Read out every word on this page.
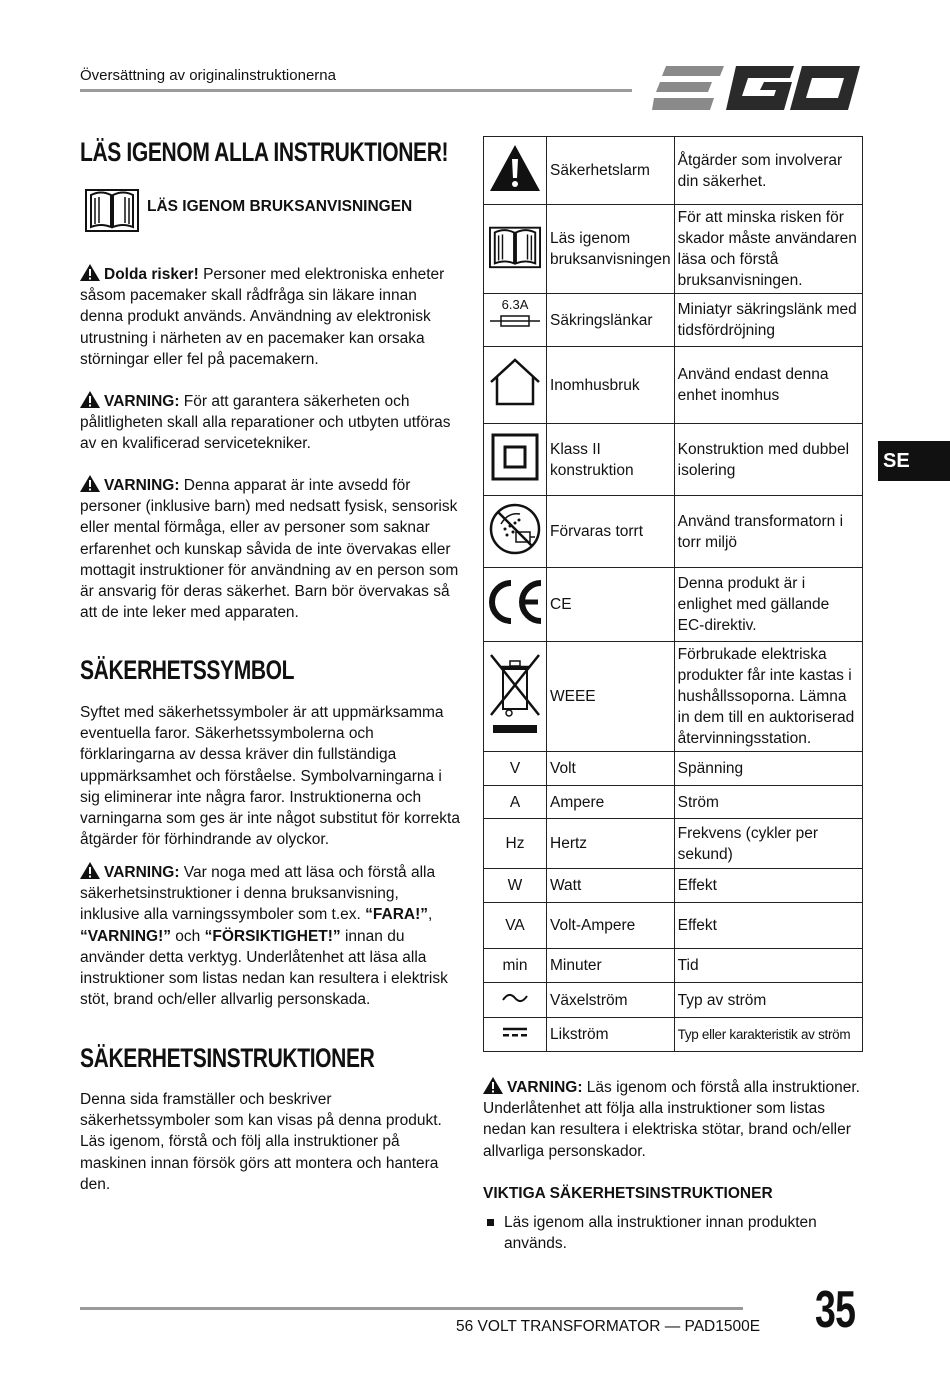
Översättning av originalinstruktionerna
LÄS IGENOM ALLA INSTRUKTIONER!
LÄS IGENOM BRUKSANVISNINGEN
Dolda risker! Personer med elektroniska enheter såsom pacemaker skall rådfråga sin läkare innan denna produkt används. Användning av elektronisk utrustning i närheten av en pacemaker kan orsaka störningar eller fel på pacemakern.
VARNING: För att garantera säkerheten och pålitligheten skall alla reparationer och utbyten utföras av en kvalificerad servicetekniker.
VARNING: Denna apparat är inte avsedd för personer (inklusive barn) med nedsatt fysisk, sensorisk eller mental förmåga, eller av personer som saknar erfarenhet och kunskap såvida de inte övervakas eller mottagit instruktioner för användning av en person som är ansvarig för deras säkerhet. Barn bör övervakas så att de inte leker med apparaten.
SÄKERHETSSYMBOL
Syftet med säkerhetssymboler är att uppmärksamma eventuella faror. Säkerhetssymbolerna och förklaringarna av dessa kräver din fullständiga uppmärksamhet och förståelse. Symbolvarningarna i sig eliminerar inte några faror. Instruktionerna och varningarna som ges är inte något substitut för korrekta åtgärder för förhindrande av olyckor.
VARNING: Var noga med att läsa och förstå alla säkerhetsinstruktioner i denna bruksanvisning, inklusive alla varningssymboler som t.ex. “FARA!”, “VARNING!” och “FÖRSIKTIGHET!” innan du använder detta verktyg. Underlåtenhet att läsa alla instruktioner som listas nedan kan resultera i elektrisk stöt, brand och/eller allvarlig personskada.
SÄKERHETSINSTRUKTIONER
Denna sida framställer och beskriver säkerhetssymboler som kan visas på denna produkt. Läs igenom, förstå och följ alla instruktioner på maskinen innan försök görs att montera och hantera den.
	Säkerhetslarm	Åtgärder som involverar din säkerhet.
	Läs igenom bruksanvisningen	För att minska risken för skador måste användaren läsa och förstå bruksanvisningen.

6.3A	Säkringslänkar	Miniatyr säkringslänk med tidsfördröjning
	Inomhusbruk	Använd endast denna enhet inomhus
	Klass II konstruktion	Konstruktion med dubbel isolering
	Förvaras torrt	Använd transformatorn i torr miljö
	CE	Denna produkt är i enlighet med gällande EC-direktiv.
	WEEE	Förbrukade elektriska produkter får inte kastas i hushållssoporna. Lämna in dem till en auktoriserad återvinningsstation.
V	Volt	Spänning
A	Ampere	Ström
Hz	Hertz	Frekvens (cykler per sekund)
W	Watt	Effekt
VA	Volt-Ampere	Effekt
min	Minuter	Tid
	Växelström	Typ av ström
	Likström	Typ eller karakteristik av ström
SE
VARNING: Läs igenom och förstå alla instruktioner. Underlåtenhet att följa alla instruktioner som listas nedan kan resultera i elektriska stötar, brand och/eller allvarliga personskador.
VIKTIGA SÄKERHETSINSTRUKTIONER
Läs igenom alla instruktioner innan produkten används.
56 VOLT TRANSFORMATOR — PAD1500E 35
